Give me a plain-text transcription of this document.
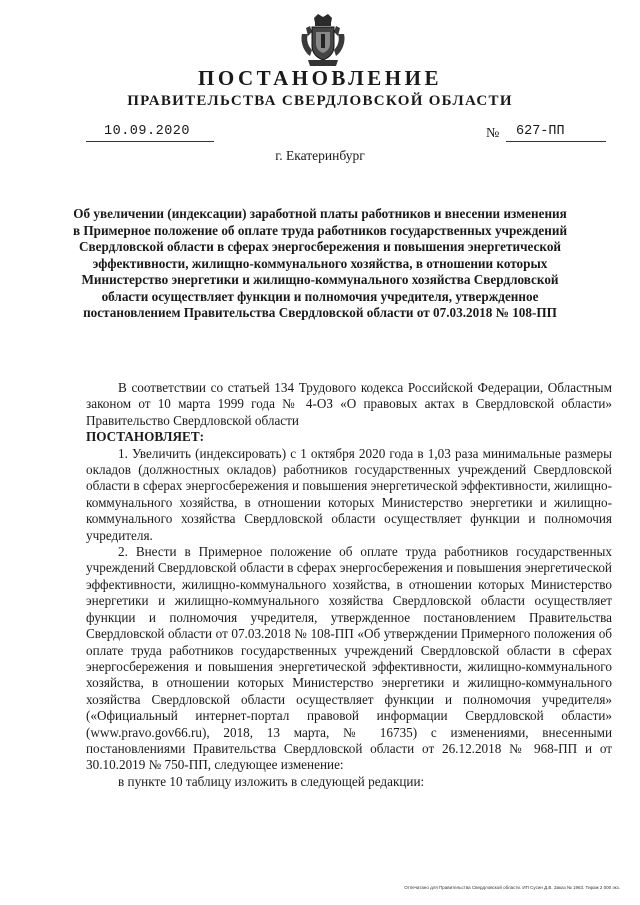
ПОСТАНОВЛЕНИЕ
ПРАВИТЕЛЬСТВА СВЕРДЛОВСКОЙ ОБЛАСТИ
10.09.2020	№ 627-ПП
г. Екатеринбург

Об увеличении (индексации) заработной платы работников и внесении изменения в Примерное положение об оплате труда работников государственных учреждений Свердловской области в сферах энергосбережения и повышения энергетической эффективности, жилищно-коммунального хозяйства, в отношении которых Министерство энергетики и жилищно-коммунального хозяйства Свердловской области осуществляет функции и полномочия учредителя, утвержденное постановлением Правительства Свердловской области от 07.03.2018 № 108-ПП

В соответствии со статьей 134 Трудового кодекса Российской Федерации, Областным законом от 10 марта 1999 года № 4-ОЗ «О правовых актах в Свердловской области» Правительство Свердловской области

ПОСТАНОВЛЯЕТ:

1. Увеличить (индексировать) с 1 октября 2020 года в 1,03 раза минимальные размеры окладов (должностных окладов) работников государственных учреждений Свердловской области в сферах энергосбережения и повышения энергетической эффективности, жилищно-коммунального хозяйства, в отношении которых Министерство энергетики и жилищно-коммунального хозяйства Свердловской области осуществляет функции и полномочия учредителя.

2. Внести в Примерное положение об оплате труда работников государственных учреждений Свердловской области в сферах энергосбережения и повышения энергетической эффективности, жилищно-коммунального хозяйства, в отношении которых Министерство энергетики и жилищно-коммунального хозяйства Свердловской области осуществляет функции и полномочия учредителя, утвержденное постановлением Правительства Свердловской области от 07.03.2018 № 108-ПП «Об утверждении Примерного положения об оплате труда работников государственных учреждений Свердловской области в сферах энергосбережения и повышения энергетической эффективности, жилищно-коммунального хозяйства, в отношении которых Министерство энергетики и жилищно-коммунального хозяйства Свердловской области осуществляет функции и полномочия учредителя» («Официальный интернет-портал правовой информации Свердловской области» (www.pravo.gov66.ru), 2018, 13 марта, № 16735) с изменениями, внесенными постановлениями Правительства Свердловской области от 26.12.2018 № 968-ПП и от 30.10.2019 № 750-ПП, следующее изменение:

в пункте 10 таблицу изложить в следующей редакции:

Отпечатано для Правительства Свердловской области. ИП Сусин Д.В. Заказ № 1963. Тираж 2 000 экз.
